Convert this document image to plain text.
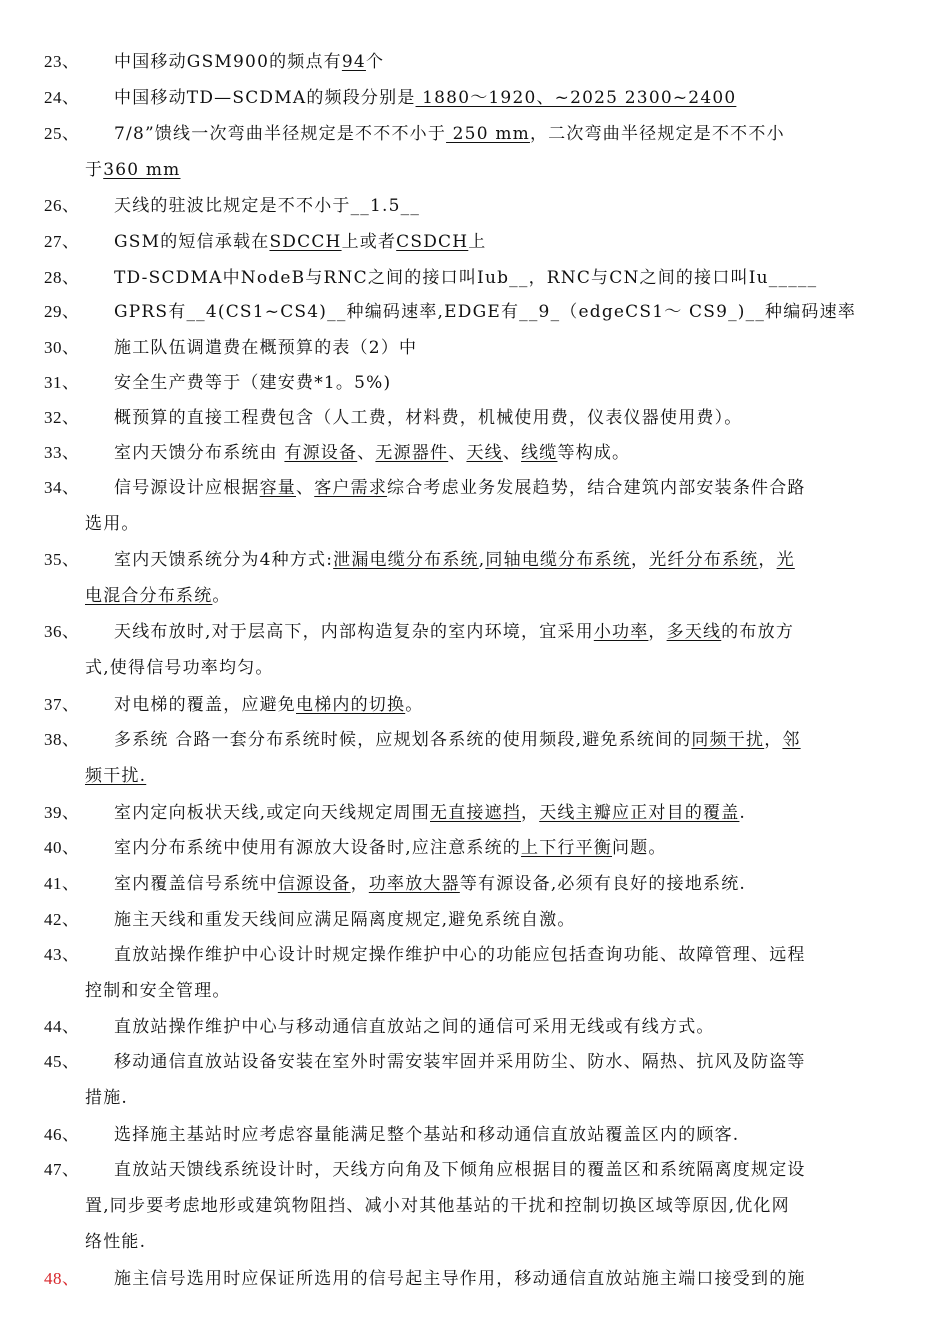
23、 中国移动GSM900的频点有94个
24、 中国移动TD—SCDMA的频段分别是 1880～1920、~2025 2300~2400
25、 7/8”馈线一次弯曲半径规定是不不不小于 250 mm，二次弯曲半径规定是不不不小
于360 mm
26、 天线的驻波比规定是不不小于__1.5__
27、 GSM的短信承载在SDCCH上或者CSDCH上
28、 TD-SCDMA中NodeB与RNC之间的接口叫Iub__，RNC与CN之间的接口叫Iu_____
29、 GPRS有__4(CS1~CS4)__种编码速率,EDGE有__9_（edgeCS1～ CS9_)__种编码速率
30、 施工队伍调遣费在概预算的表（2）中
31、 安全生产费等于（建安费*1。5%)
32、 概预算的直接工程费包含（人工费，材料费，机械使用费，仪表仪器使用费）。
33、 室内天馈分布系统由 有源设备、无源器件、天线、线缆等构成。
34、 信号源设计应根据容量、客户需求综合考虑业务发展趋势，结合建筑内部安装条件合路
选用。
35、 室内天馈系统分为4种方式:泄漏电缆分布系统,同轴电缆分布系统，光纤分布系统，光
电混合分布系统。
36、 天线布放时,对于层高下，内部构造复杂的室内环境，宜采用小功率，多天线的布放方
式,使得信号功率均匀。
37、 对电梯的覆盖，应避免电梯内的切换。
38、 多系统 合路一套分布系统时候，应规划各系统的使用频段,避免系统间的同频干扰，邻
频干扰.
39、 室内定向板状天线,或定向天线规定周围无直接遮挡，天线主瓣应正对目的覆盖.
40、 室内分布系统中使用有源放大设备时,应注意系统的上下行平衡问题。
41、 室内覆盖信号系统中信源设备，功率放大器等有源设备,必须有良好的接地系统.
42、 施主天线和重发天线间应满足隔离度规定,避免系统自激。
43、 直放站操作维护中心设计时规定操作维护中心的功能应包括查询功能、故障管理、远程
控制和安全管理。
44、 直放站操作维护中心与移动通信直放站之间的通信可采用无线或有线方式。
45、 移动通信直放站设备安装在室外时需安装牢固并采用防尘、防水、隔热、抗风及防盗等
措施.
46、 选择施主基站时应考虑容量能满足整个基站和移动通信直放站覆盖区内的顾客.
47、 直放站天馈线系统设计时，天线方向角及下倾角应根据目的覆盖区和系统隔离度规定设
置,同步要考虑地形或建筑物阻挡、减小对其他基站的干扰和控制切换区域等原因,优化网
络性能.
48、 施主信号选用时应保证所选用的信号起主导作用，移动通信直放站施主端口接受到的施
